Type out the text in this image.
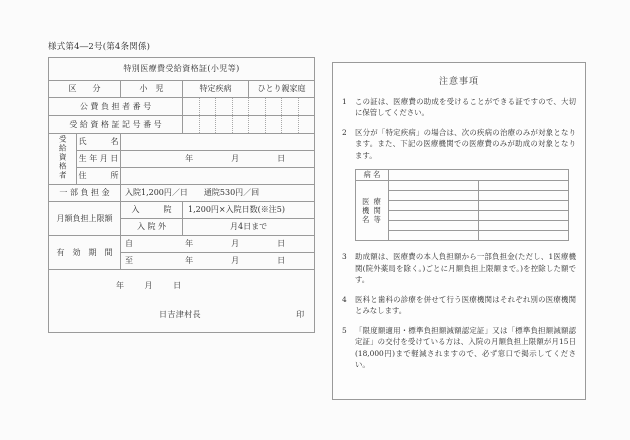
様式第4―2号(第4条関係)
特別医療費受給資格証(小児等)				
区　　分		小　児	特定疾病	ひとり親家庭
公 費 負 担 者 番 号				

受 給 資 格 証 記 号 番 号				

受給資格者	氏　　　名			
	生 年 月 日	年 月 日		

	住　　　所			
一 部 負 担 金		入院1,200円／日 通院530円／回		

月額負担上限額		入　　　院	1,200円×入院日数(※注5)	
		入 院 外	月4日まで	
有　効　期　間		自 年 月 日		

		至 年 月 日		

年 月 日
日吉津村長 印				
注意事項
1	この証は、医療費の助成を受けることができる証ですので、大切に保管してください。
2	区分が「特定疾病」の場合は、次の疾病の治療のみが対象となります。また、下記の医療機関での医療費のみが助成の対象となります。
病 名		

医 療
機 関
名 等		

3	助成額は、医療費の本人負担額から一部負担金(ただし、1医療機関(院外薬局を除く。)ごとに月額負担上限額まで。)を控除した額です。
4	医科と歯科の診療を併せて行う医療機関はそれぞれ別の医療機関とみなします。
5	「限度額適用・標準負担額減額認定証」又は「標準負担額減額認定証」の交付を受けている方は、入院の月額負担上限額が月15日(18,000円)まで軽減されますので、必ず窓口で掲示してください。
